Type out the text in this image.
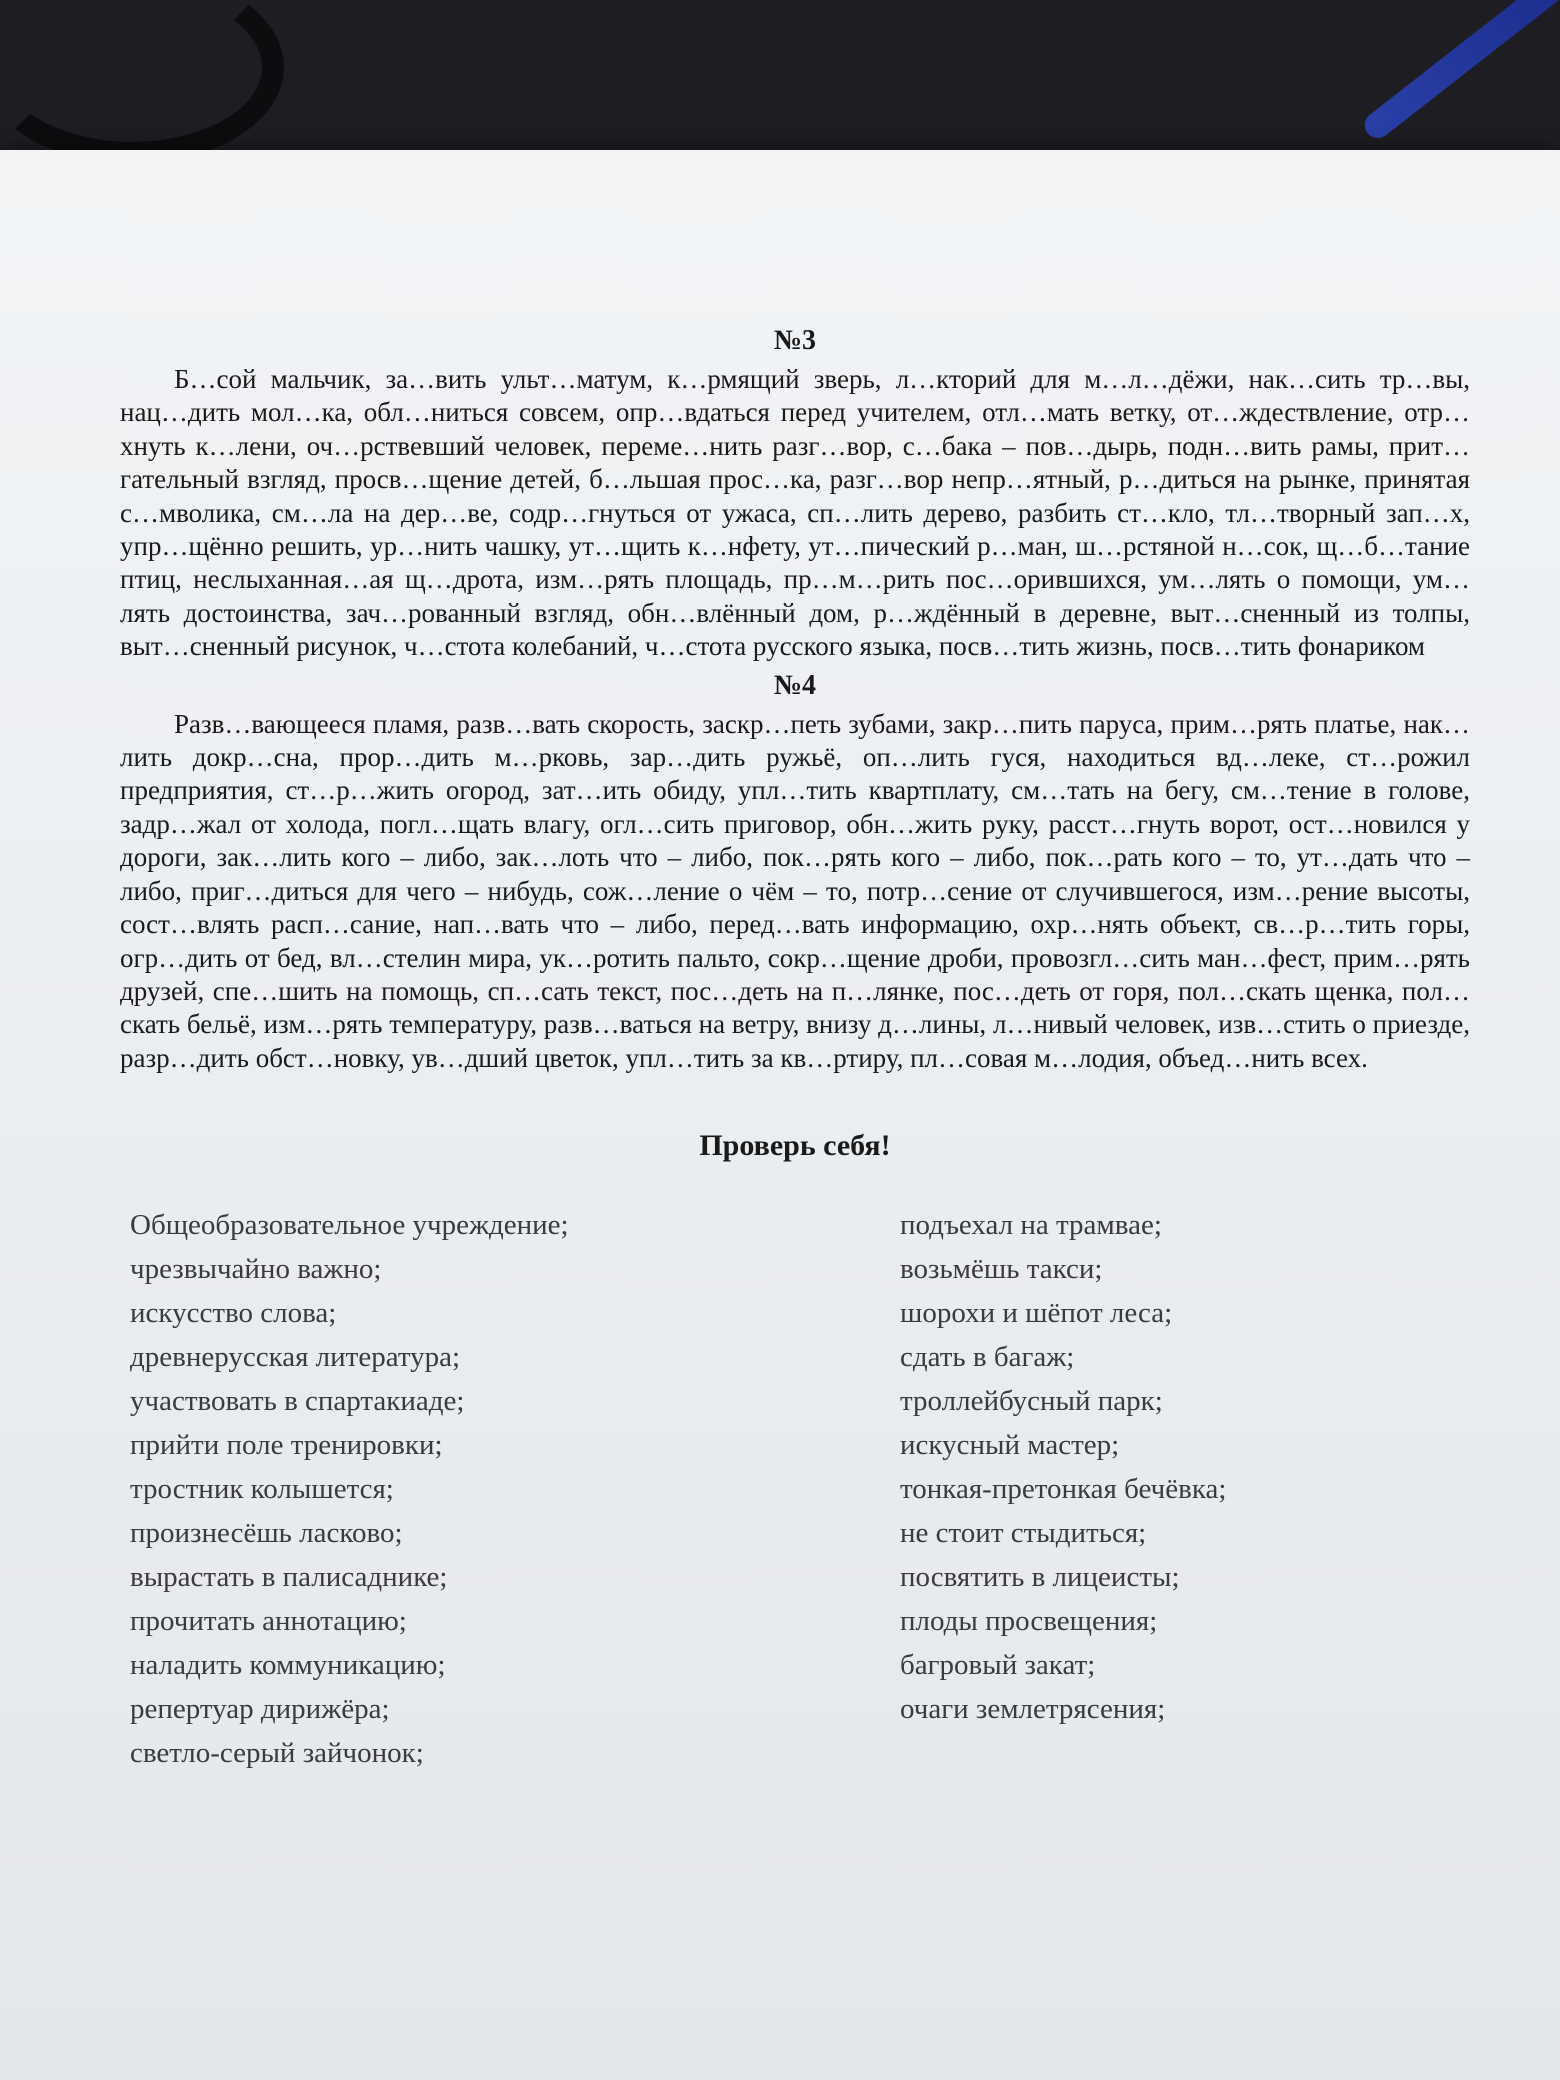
№3

Б…сой мальчик, за…вить ульт…матум, к…рмящий зверь, л…кторий для м…л…дёжи, нак…сить тр…вы, нац…дить мол…ка, обл…ниться совсем, опр…вдаться перед учителем, отл…мать ветку, от…ждествление, отр…хнуть к…лени, оч…рствевший человек, переме…нить разг…вор, с…бака – пов…дырь, подн…вить рамы, прит…гательный взгляд, просв…щение детей, б…льшая прос…ка, разг…вор непр…ятный, р…диться на рынке, принятая с…мволика, см…ла на дер…ве, содр…гнуться от ужаса, сп…лить дерево, разбить ст…кло, тл…творный зап…х, упр…щённо решить, ур…нить чашку, ут…щить к…нфету, ут…пический р…ман, ш…рстяной н…сок, щ…б…тание птиц, неслыханная…ая щ…дрота, изм…рять площадь, пр…м…рить пос…орившихся, ум…лять о помощи, ум…лять достоинства, зач…рованный взгляд, обн…влённый дом, р…ждённый в деревне, выт…сненный из толпы, выт…сненный рисунок, ч…стота колебаний, ч…стота русского языка, посв…тить жизнь, посв…тить фонариком

№4

Разв…вающееся пламя, разв…вать скорость, заскр…петь зубами, закр…пить паруса, прим…рять платье, нак…лить докр…сна, прор…дить м…рковь, зар…дить ружьё, оп…лить гуся, находиться вд…леке, ст…рожил предприятия, ст…р…жить огород, зат…ить обиду, упл…тить квартплату, см…тать на бегу, см…тение в голове, задр…жал от холода, погл…щать влагу, огл…сить приговор, обн…жить руку, расст…гнуть ворот, ост…новился у дороги, зак…лить кого – либо, зак…лоть что – либо, пок…рять кого – либо, пок…рать кого – то, ут…дать что – либо, приг…диться для чего – нибудь, сож…ление о чём – то, потр…сение от случившегося, изм…рение высоты, сост…влять расп…сание, нап…вать что – либо, перед…вать информацию, охр…нять объект, св…р…тить горы, огр…дить от бед, вл…стелин мира, ук…ротить пальто, сокр…щение дроби, провозгл…сить ман…фест, прим…рять друзей, спе…шить на помощь, сп…сать текст, пос…деть на п…лянке, пос…деть от горя, пол…скать щенка, пол…скать бельё, изм…рять температуру, разв…ваться на ветру, внизу д…лины, л…нивый человек, изв…стить о приезде, разр…дить обст…новку, ув…дший цветок, упл…тить за кв…ртиру, пл…совая м…лодия, объед…нить всех.

Проверь себя!
Общеобразовательное учреждение;
чрезвычайно важно;
искусство слова;
древнерусская литература;
участвовать в спартакиаде;
прийти поле тренировки;
тростник колышется;
произнесёшь ласково;
вырастать в палисаднике;
прочитать аннотацию;
наладить коммуникацию;
репертуар дирижёра;
светло-серый зайчонок;
подъехал на трамвае;
возьмёшь такси;
шорохи и шёпот леса;
сдать в багаж;
троллейбусный парк;
искусный мастер;
тонкая-претонкая бечёвка;
не стоит стыдиться;
посвятить в лицеисты;
плоды просвещения;
багровый закат;
очаги землетрясения;
